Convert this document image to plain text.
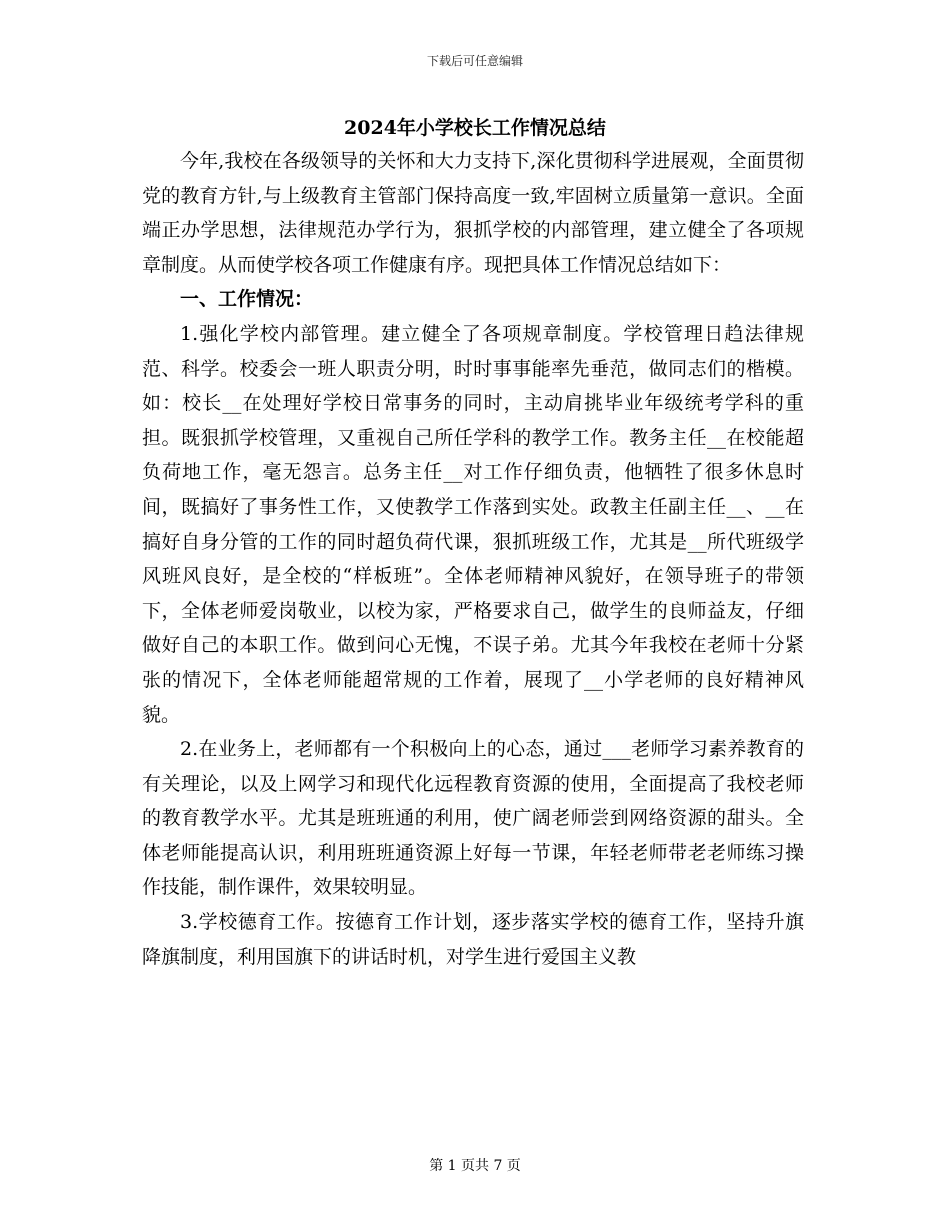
下载后可任意编辑
2024年小学校长工作情况总结

今年,我校在各级领导的关怀和大力支持下,深化贯彻科学进展观，全面贯彻党的教育方针,与上级教育主管部门保持高度一致,牢固树立质量第一意识。全面端正办学思想，法律规范办学行为，狠抓学校的内部管理，建立健全了各项规章制度。从而使学校各项工作健康有序。现把具体工作情况总结如下：

一、工作情况：

1.强化学校内部管理。建立健全了各项规章制度。学校管理日趋法律规范、科学。校委会一班人职责分明，时时事事能率先垂范，做同志们的楷模。如：校长__在处理好学校日常事务的同时，主动肩挑毕业年级统考学科的重担。既狠抓学校管理，又重视自己所任学科的教学工作。教务主任__在校能超负荷地工作，毫无怨言。总务主任__对工作仔细负责，他牺牲了很多休息时间，既搞好了事务性工作，又使教学工作落到实处。政教主任副主任__、__在搞好自身分管的工作的同时超负荷代课，狠抓班级工作，尤其是__所代班级学风班风良好，是全校的“样板班”。全体老师精神风貌好，在领导班子的带领下，全体老师爱岗敬业，以校为家，严格要求自己，做学生的良师益友，仔细做好自己的本职工作。做到问心无愧，不误子弟。尤其今年我校在老师十分紧张的情况下，全体老师能超常规的工作着，展现了__小学老师的良好精神风貌。

2.在业务上，老师都有一个积极向上的心态，通过___老师学习素养教育的有关理论，以及上网学习和现代化远程教育资源的使用，全面提高了我校老师的教育教学水平。尤其是班班通的利用，使广阔老师尝到网络资源的甜头。全体老师能提高认识，利用班班通资源上好每一节课，年轻老师带老老师练习操作技能，制作课件，效果较明显。

3.学校德育工作。按德育工作计划，逐步落实学校的德育工作，坚持升旗降旗制度，利用国旗下的讲话时机，对学生进行爱国主义教

第 1 页共 7 页
